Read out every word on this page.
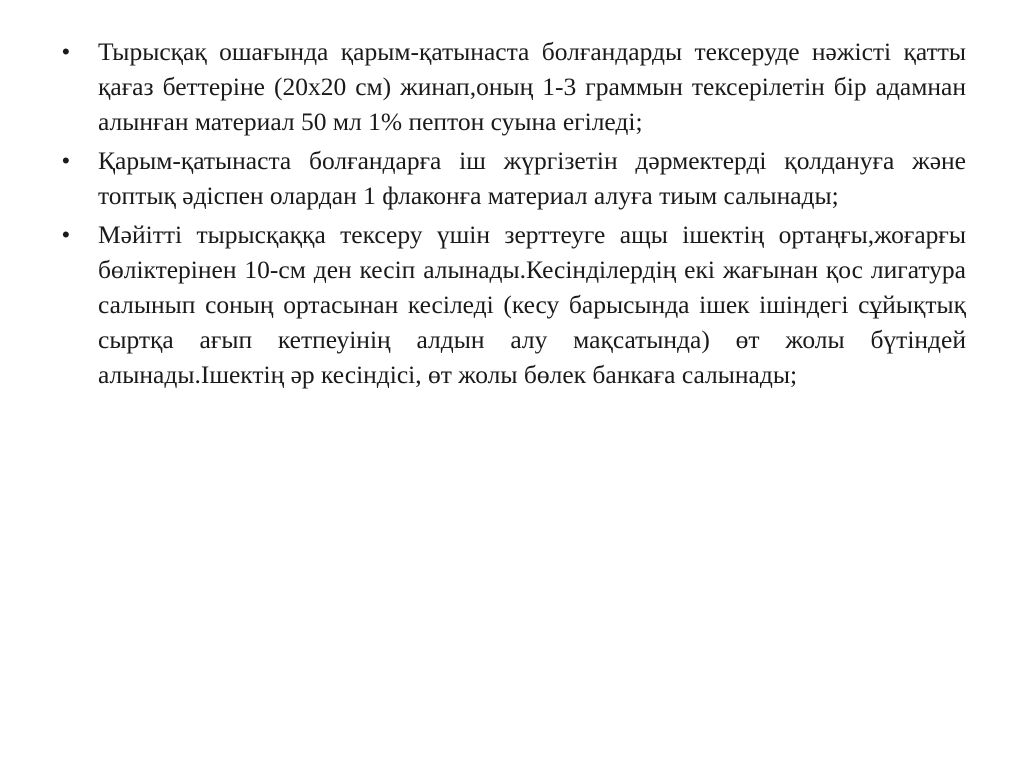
•	Тырысқақ ошағында қарым-қатынаста болғандарды тексеруде нәжісті қатты қағаз беттеріне (20х20 см) жинап,оның 1-3 граммын тексерілетін бір адамнан алынған материал 50 мл 1% пептон суына егіледі;
•	Қарым-қатынаста болғандарға іш жүргізетін дәрмектерді қолдануға және топтық әдіспен олардан 1 флаконға материал алуға тиым салынады;
•	Мәйітті тырысқаққа тексеру үшін зерттеуге ащы ішектің ортаңғы,жоғарғы бөліктерінен 10-см ден кесіп алынады.Кесінділердің екі жағынан қос лигатура салынып соның ортасынан кесіледі (кесу барысында ішек ішіндегі сұйықтық сыртқа ағып кетпеуінің алдын алу мақсатында) өт жолы бүтіндей алынады.Ішектің әр кесіндісі, өт жолы бөлек банкаға салынады;
